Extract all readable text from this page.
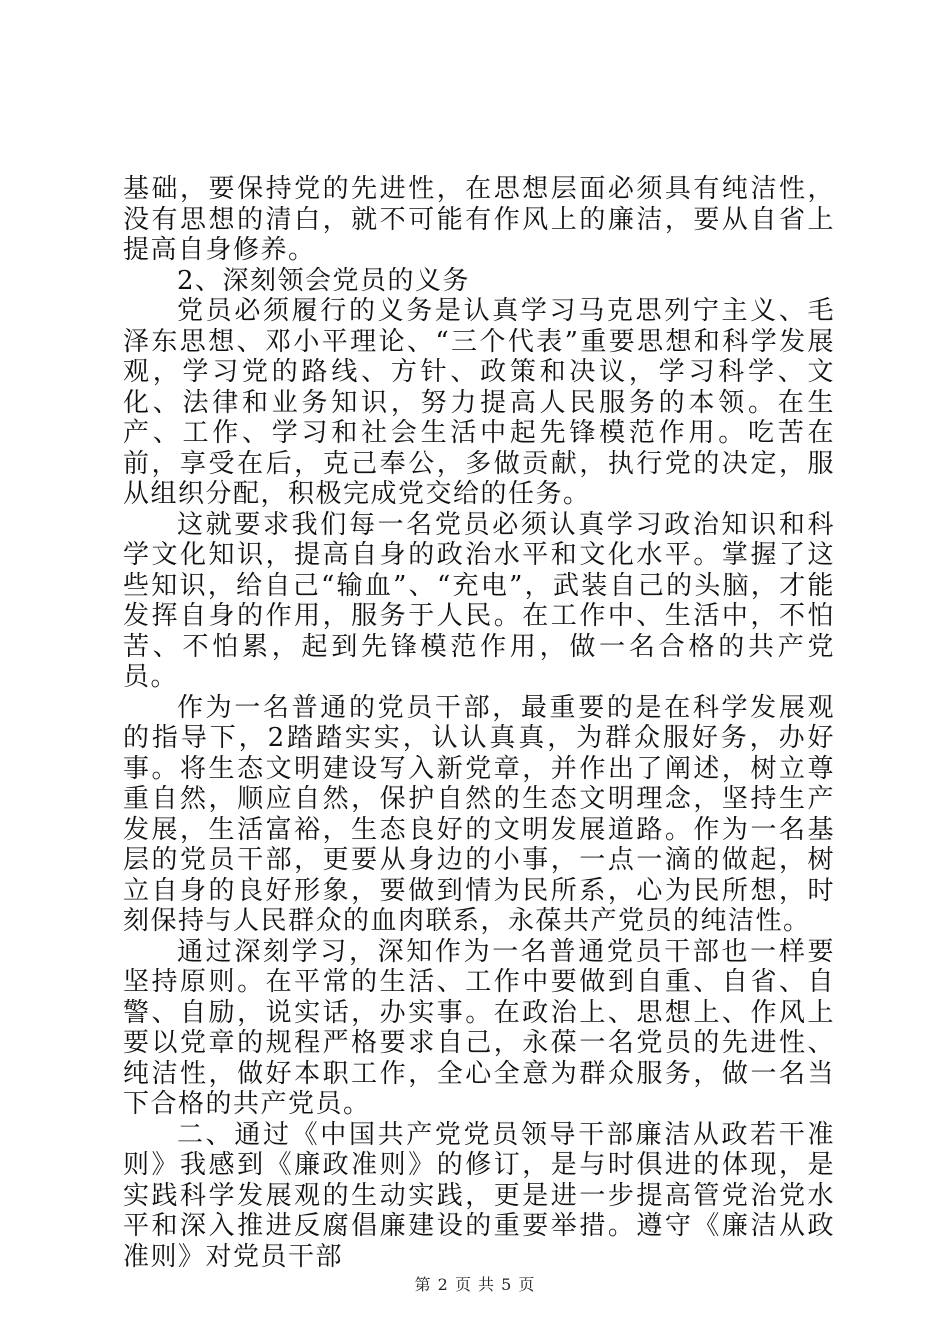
基础，要保持党的先进性，在思想层面必须具有纯洁性，没有思想的清白，就不可能有作风上的廉洁，要从自省上提高自身修养。

2、深刻领会党员的义务

党员必须履行的义务是认真学习马克思列宁主义、毛泽东思想、邓小平理论、“三个代表”重要思想和科学发展观，学习党的路线、方针、政策和决议，学习科学、文化、法律和业务知识，努力提高人民服务的本领。在生产、工作、学习和社会生活中起先锋模范作用。吃苦在前，享受在后，克己奉公，多做贡献，执行党的决定，服从组织分配，积极完成党交给的任务。

这就要求我们每一名党员必须认真学习政治知识和科学文化知识，提高自身的政治水平和文化水平。掌握了这些知识，给自己“输血”、“充电”，武装自己的头脑，才能发挥自身的作用，服务于人民。在工作中、生活中，不怕苦、不怕累，起到先锋模范作用，做一名合格的共产党员。

作为一名普通的党员干部，最重要的是在科学发展观的指导下，2踏踏实实，认认真真，为群众服好务，办好事。将生态文明建设写入新党章，并作出了阐述，树立尊重自然，顺应自然，保护自然的生态文明理念，坚持生产发展，生活富裕，生态良好的文明发展道路。作为一名基层的党员干部，更要从身边的小事，一点一滴的做起，树立自身的良好形象，要做到情为民所系，心为民所想，时刻保持与人民群众的血肉联系，永葆共产党员的纯洁性。

通过深刻学习，深知作为一名普通党员干部也一样要坚持原则。在平常的生活、工作中要做到自重、自省、自警、自励，说实话，办实事。在政治上、思想上、作风上要以党章的规程严格要求自己，永葆一名党员的先进性、纯洁性，做好本职工作，全心全意为群众服务，做一名当下合格的共产党员。

二、通过《中国共产党党员领导干部廉洁从政若干准则》我感到《廉政准则》的修订，是与时俱进的体现，是实践科学发展观的生动实践，更是进一步提高管党治党水平和深入推进反腐倡廉建设的重要举措。遵守《廉洁从政准则》对党员干部

第 2 页 共 5 页
